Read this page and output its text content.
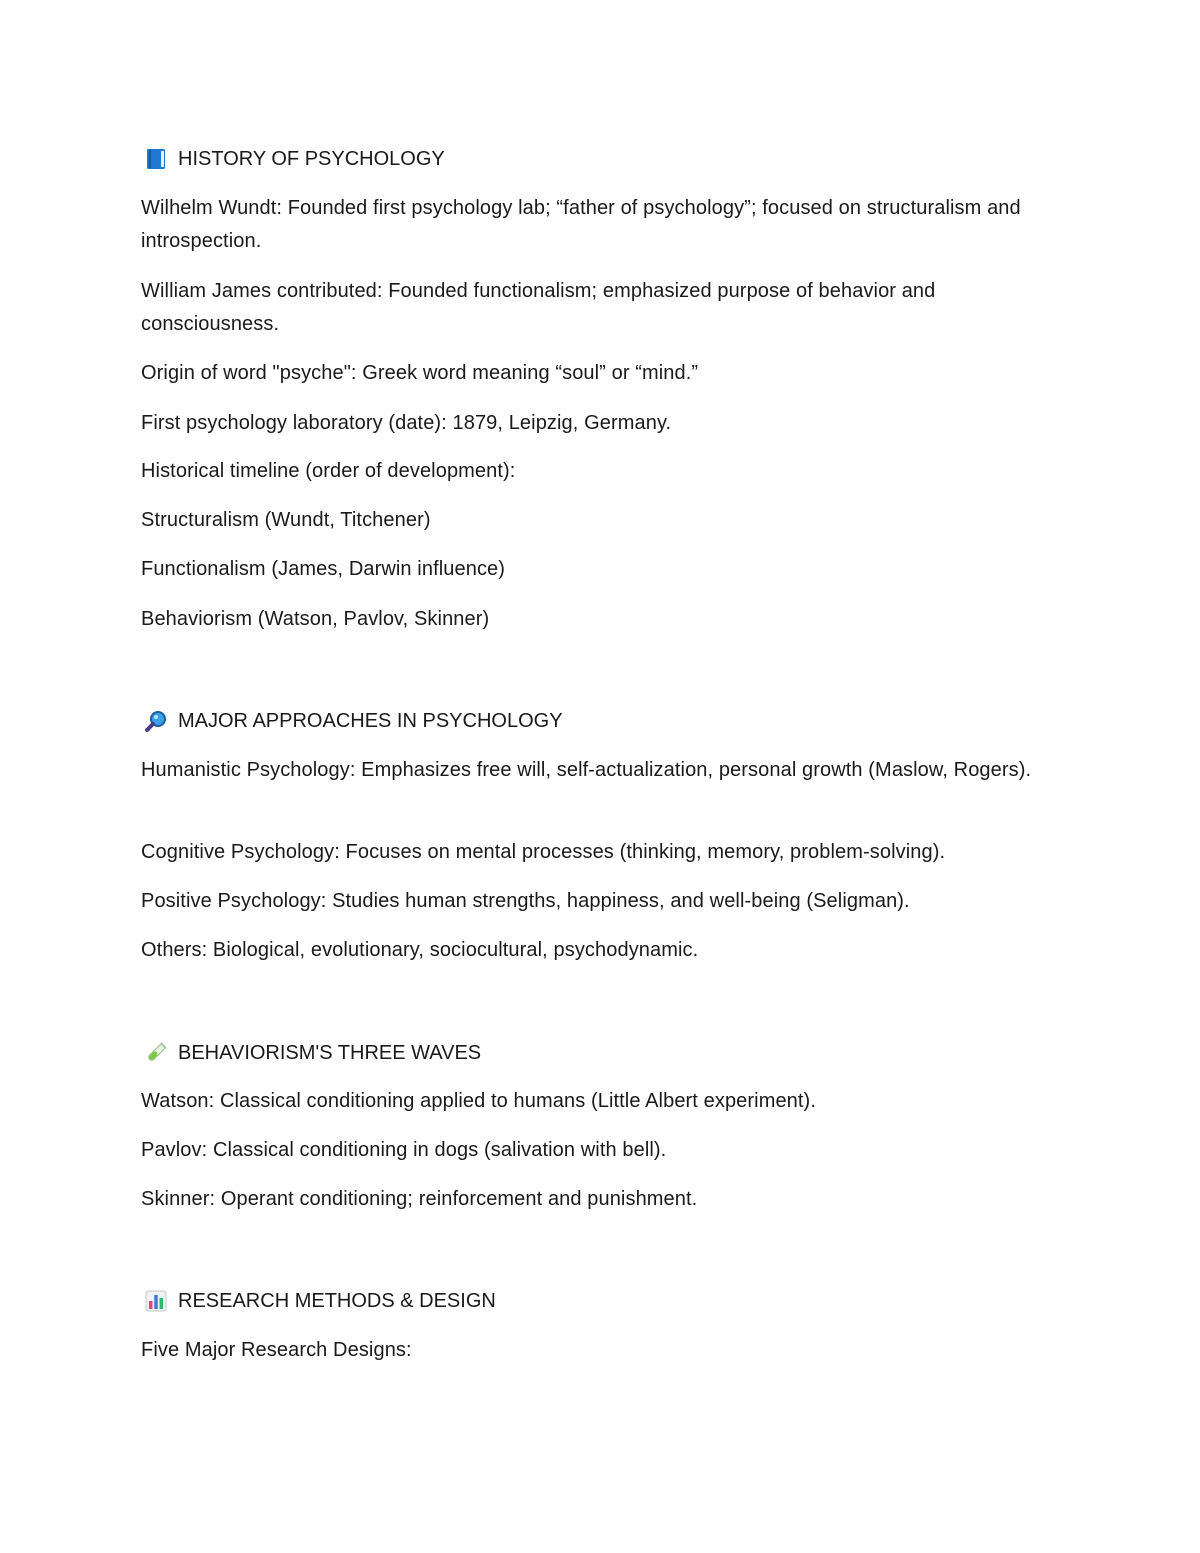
HISTORY OF PSYCHOLOGY
Wilhelm Wundt: Founded first psychology lab; “father of psychology”; focused on structuralism and introspection.
William James contributed: Founded functionalism; emphasized purpose of behavior and consciousness.
Origin of word "psyche": Greek word meaning “soul” or “mind.”
First psychology laboratory (date): 1879, Leipzig, Germany.
Historical timeline (order of development):
Structuralism (Wundt, Titchener)
Functionalism (James, Darwin influence)
Behaviorism (Watson, Pavlov, Skinner)
MAJOR APPROACHES IN PSYCHOLOGY
Humanistic Psychology: Emphasizes free will, self-actualization, personal growth (Maslow, Rogers).
Cognitive Psychology: Focuses on mental processes (thinking, memory, problem-solving).
Positive Psychology: Studies human strengths, happiness, and well-being (Seligman).
Others: Biological, evolutionary, sociocultural, psychodynamic.
BEHAVIORISM'S THREE WAVES
Watson: Classical conditioning applied to humans (Little Albert experiment).
Pavlov: Classical conditioning in dogs (salivation with bell).
Skinner: Operant conditioning; reinforcement and punishment.
RESEARCH METHODS & DESIGN
Five Major Research Designs:
